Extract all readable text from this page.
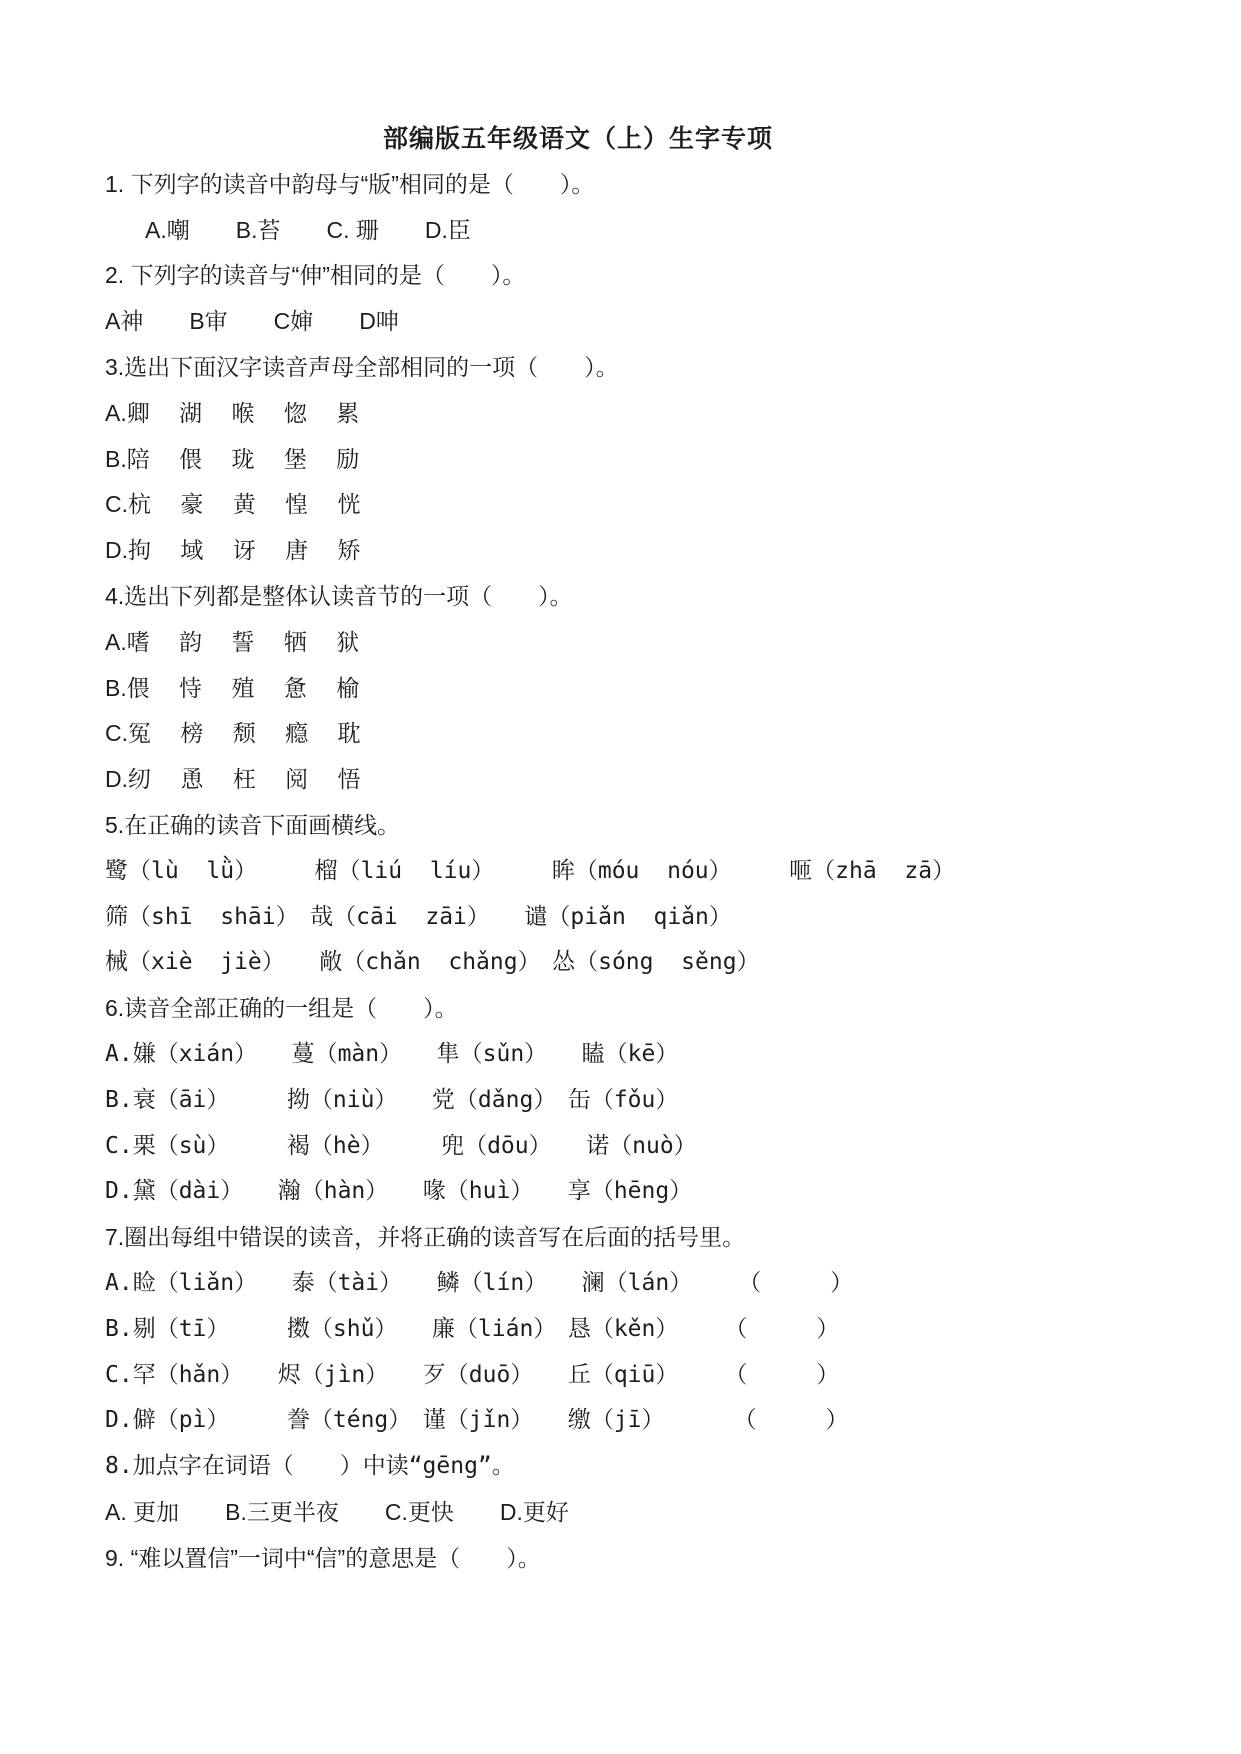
部编版五年级语文（上）生字专项
1. 下列字的读音中韵母与“版”相同的是（　　）。
A.嘲　　B.苔　　C. 珊　　D.臣
2. 下列字的读音与“伸”相同的是（　　）。
A神　　B审　　C婶　　D呻
3.选出下面汉字读音声母全部相同的一项（　　）。
A.卿　 湖　 喉　 惚　 累
B.陪　 偎　 珑　 堡　 励
C.杭　 豪　 黄　 惶　 恍
D.拘　 域　 讶　 唐　 矫
4.选出下列都是整体认读音节的一项（　　）。
A.嗜　 韵　 誓　 牺　 狱
B.偎　 恃　 殖　 惫　 榆
C.冤　 榜　 颓　 瘾　 耽
D.纫　 恿　 枉　 阅　 悟
5.在正确的读音下面画横线。
鹭（lù  lǜ）　　　榴（liú  líu）　　　眸（móu  nóu）　　　咂（zhā  zā）
筛（shī  shāi）　哉（cāi  zāi）　　谴（piǎn  qiǎn）
械（xiè  jiè）　　敞（chǎn  chǎng）　怂（sóng  sěng）
6.读音全部正确的一组是（　　）。
A.嫌（xián）　　蔓（màn）　　隼（sǔn）　　瞌（kē）
B.衰（āi）　　　拗（niù）　　党（dǎng）　缶（fǒu）
C.栗（sù）　　　褐（hè）　　　兜（dōu）　　诺（nuò）
D.黛（dài）　　瀚（hàn）　　喙（huì）　　享（hēng）
7.圈出每组中错误的读音，并将正确的读音写在后面的括号里。
A.睑（liǎn）　　泰（tài）　　鳞（lín）　　澜（lán）　　　（　　　）
B.剔（tī）　　　擞（shǔ）　　廉（lián）　恳（kěn）　　　（　　　）
C.罕（hǎn）　　烬（jìn）　　歹（duō）　　丘（qiū）　　　（　　　）
D.僻（pì）　　　誊（téng）　谨（jǐn）　　缴（jī）　　　　（　　　）
8.加点字在词语（　　）中读“gēng”。
A. 更加　　B.三更半夜　　C.更快　　D.更好
9. “难以置信”一词中“信”的意思是（　　）。
